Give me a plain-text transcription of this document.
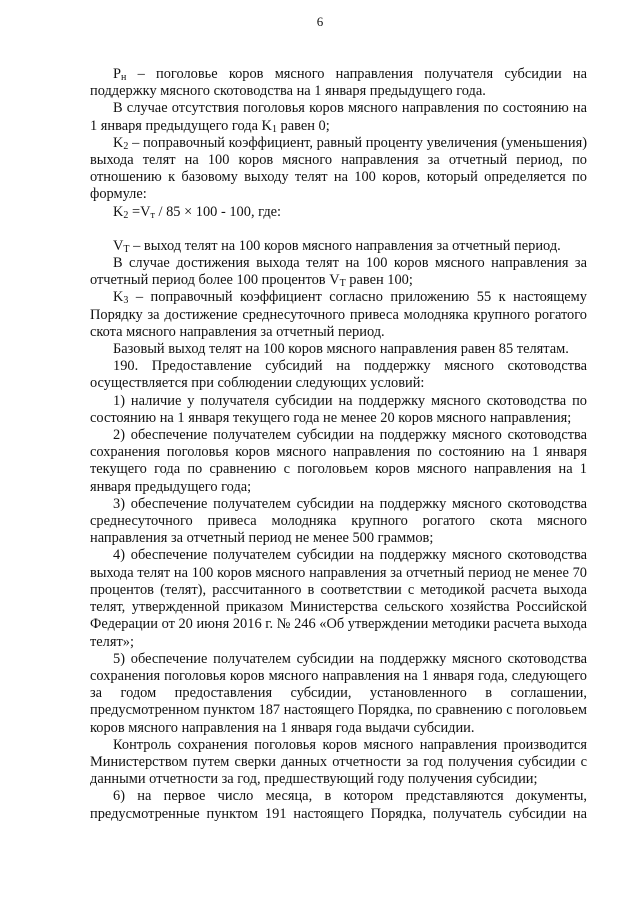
6

$P_н$ – поголовье коров мясного направления получателя субсидии на поддержку мясного скотоводства на 1 января предыдущего года.

В случае отсутствия поголовья коров мясного направления по состоянию на 1 января предыдущего года $K_1$ равен 0;

$K_2$ – поправочный коэффициент, равный проценту увеличения (уменьшения) выхода телят на 100 коров мясного направления за отчетный период, по отношению к базовому выходу телят на 100 коров, который определяется по формуле:

$K_2 =V_т / 85 \times 100 - 100$, где:

$V_Т$ – выход телят на 100 коров мясного направления за отчетный период.

В случае достижения выхода телят на 100 коров мясного направления за отчетный период более 100 процентов $V_Т$ равен 100;

$K_3$ – поправочный коэффициент согласно приложению 55 к настоящему Порядку за достижение среднесуточного привеса молодняка крупного рогатого скота мясного направления за отчетный период.

Базовый выход телят на 100 коров мясного направления равен 85 телятам.

190. Предоставление субсидий на поддержку мясного скотоводства осуществляется при соблюдении следующих условий:

1) наличие у получателя субсидии на поддержку мясного скотоводства по состоянию на 1 января текущего года не менее 20 коров мясного направления;

2) обеспечение получателем субсидии на поддержку мясного скотоводства сохранения поголовья коров мясного направления по состоянию на 1 января текущего года по сравнению с поголовьем коров мясного направления на 1 января предыдущего года;

3) обеспечение получателем субсидии на поддержку мясного скотоводства среднесуточного привеса молодняка крупного рогатого скота мясного направления за отчетный период не менее 500 граммов;

4) обеспечение получателем субсидии на поддержку мясного скотоводства выхода телят на 100 коров мясного направления за отчетный период не менее 70 процентов (телят), рассчитанного в соответствии с методикой расчета выхода телят, утвержденной приказом Министерства сельского хозяйства Российской Федерации от 20 июня 2016 г. № 246 «Об утверждении методики расчета выхода телят»;

5) обеспечение получателем субсидии на поддержку мясного скотоводства сохранения поголовья коров мясного направления на 1 января года, следующего за годом предоставления субсидии, установленного в соглашении, предусмотренном пунктом 187 настоящего Порядка, по сравнению с поголовьем коров мясного направления на 1 января года выдачи субсидии.

Контроль сохранения поголовья коров мясного направления производится Министерством путем сверки данных отчетности за год получения субсидии с данными отчетности за год, предшествующий году получения субсидии;

6) на первое число месяца, в котором представляются документы, предусмотренные пунктом 191 настоящего Порядка, получатель субсидии на
